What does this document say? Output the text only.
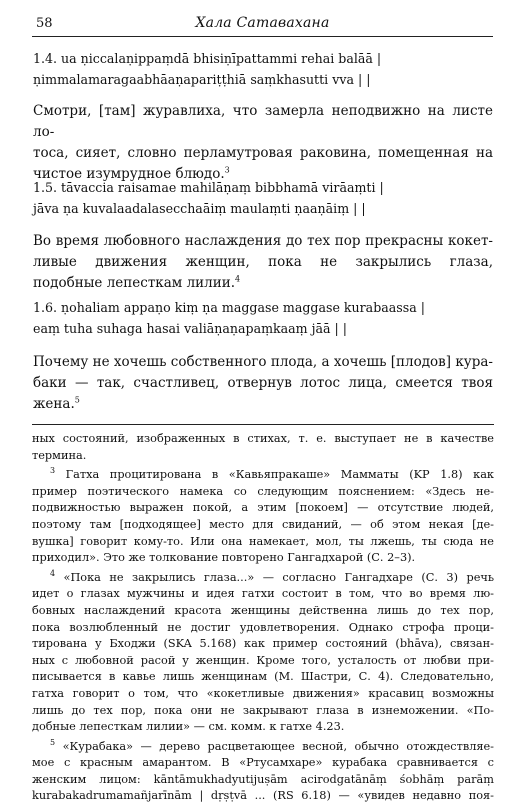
58	Хала Сатавахана
1.4. ua ṇiccalaṇippaṃdā bhisiṇīpattammi rehai balāā |
ṇimmalamaragaabhāaṇapariṭṭhiā saṃkhasutti vva | |
Смотри, [там] журавлиха, что замерла неподвижно на листе ло-
тоса, сияет, словно перламутровая раковина, помещенная на
чистое изумрудное блюдо.$^3$
1.5. tāvaccia raisamae mahilāṇaṃ bibbhamā virāaṃti |
jāva ṇa kuvalaadalasecchaāiṃ maulaṃti ṇaaṇāiṃ | |
Во время любовного наслаждения до тех пор прекрасны кокет-
ливые движения женщин, пока не закрылись глаза,
подобные лепесткам лилии.$^4$
1.6. ṇohaliam appaṇo kiṃ ṇa maggase maggase kurabaassa |
eaṃ tuha suhaga hasai valiāṇaṇapaṃkaaṃ jāā | |
Почему не хочешь собственного плода, а хочешь [плодов] кура-
баки — так, счастливец, отвернув лотос лица, смеется твоя
жена.$^5$
ных состояний, изображенных в стихах, т. е. выступает не в качестве
термина.
$^3$ Гатха процитирована в «Кавьяпракаше» Мамматы (KP 1.8) как
пример поэтического намека со следующим пояснением: «Здесь не-
подвижностью выражен покой, а этим [покоем] — отсутствие людей,
поэтому там [подходящее] место для свиданий, — об этом некая [де-
вушка] говорит кому-то. Или она намекает, мол, ты лжешь, ты сюда не
приходил». Это же толкование повторено Гангадхарой (С. 2–3).
$^4$ «Пока не закрылись глаза...» — согласно Гангадхаре (С. 3) речь
идет о глазах мужчины и идея гатхи состоит в том, что во время лю-
бовных наслаждений красота женщины действенна лишь до тех пор,
пока возлюбленный не достиг удовлетворения. Однако строфа проци-
тирована у Бходжи (SKA 5.168) как пример состояний (bhāva), связан-
ных с любовной расой у женщин. Кроме того, усталость от любви при-
писывается в кавье лишь женщинам (М. Шастри, С. 4). Следовательно,
гатха говорит о том, что «кокетливые движения» красавиц возможны
лишь до тех пор, пока они не закрывают глаза в изнеможении. «По-
добные лепесткам лилии» — см. комм. к гатхе 4.23.
$^5$ «Курабака» — дерево расцветающее весной, обычно отождествляе-
мое с красным амарантом. В «Ртусамхаре» курабака сравнивается с
женским лицом: kāntāmukhadyutijuṣām acirodgatānāṃ śobhāṃ parāṃ
kurabakadrumamañjarīnām | dṛṣṭvā ... (RS 6.18) — «увидев недавно поя-
